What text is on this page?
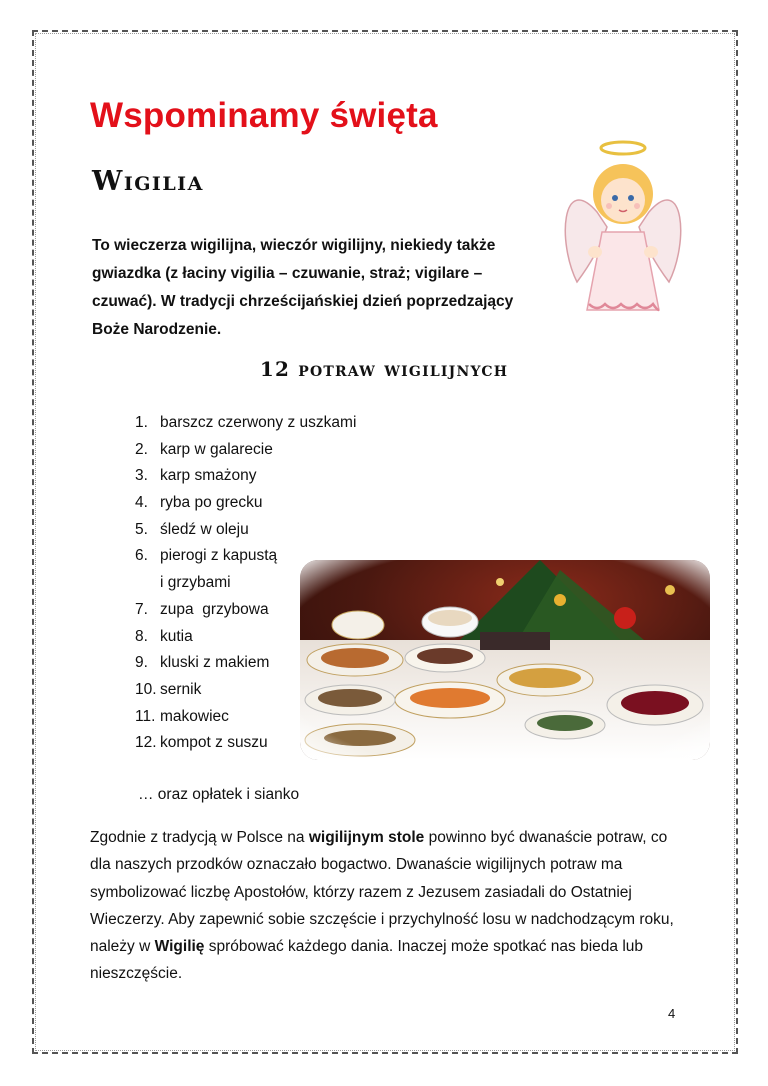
Wspominamy święta
Wigilia
To wieczerza wigilijna, wieczór wigilijny, niekiedy także
gwiazdka (z łaciny vigilia – czuwanie, straż; vigilare –
czuwać). W tradycji chrześcijańskiej dzień poprzedzający
Boże Narodzenie.
12 potraw wigilijnych
1. barszcz czerwony z uszkami
2. karp w galarecie
3. karp smażony
4. ryba po grecku
5. śledź w oleju
6. pierogi z kapustą
i grzybami
7. zupa  grzybowa
8. kutia
9. kluski z makiem
10. sernik
11. makowiec
12. kompot z suszu
… oraz opłatek i sianko
Zgodnie z tradycją w Polsce na wigilijnym stole powinno być dwanaście potraw, co dla naszych przodków oznaczało bogactwo. Dwanaście wigilijnych potraw ma symbolizować liczbę Apostołów, którzy razem z Jezusem zasiadali do Ostatniej Wieczerzy. Aby zapewnić sobie szczęście i przychylność losu w nadchodzącym roku, należy w Wigilię spróbować każdego dania. Inaczej może spotkać nas bieda lub nieszczęście.
4
